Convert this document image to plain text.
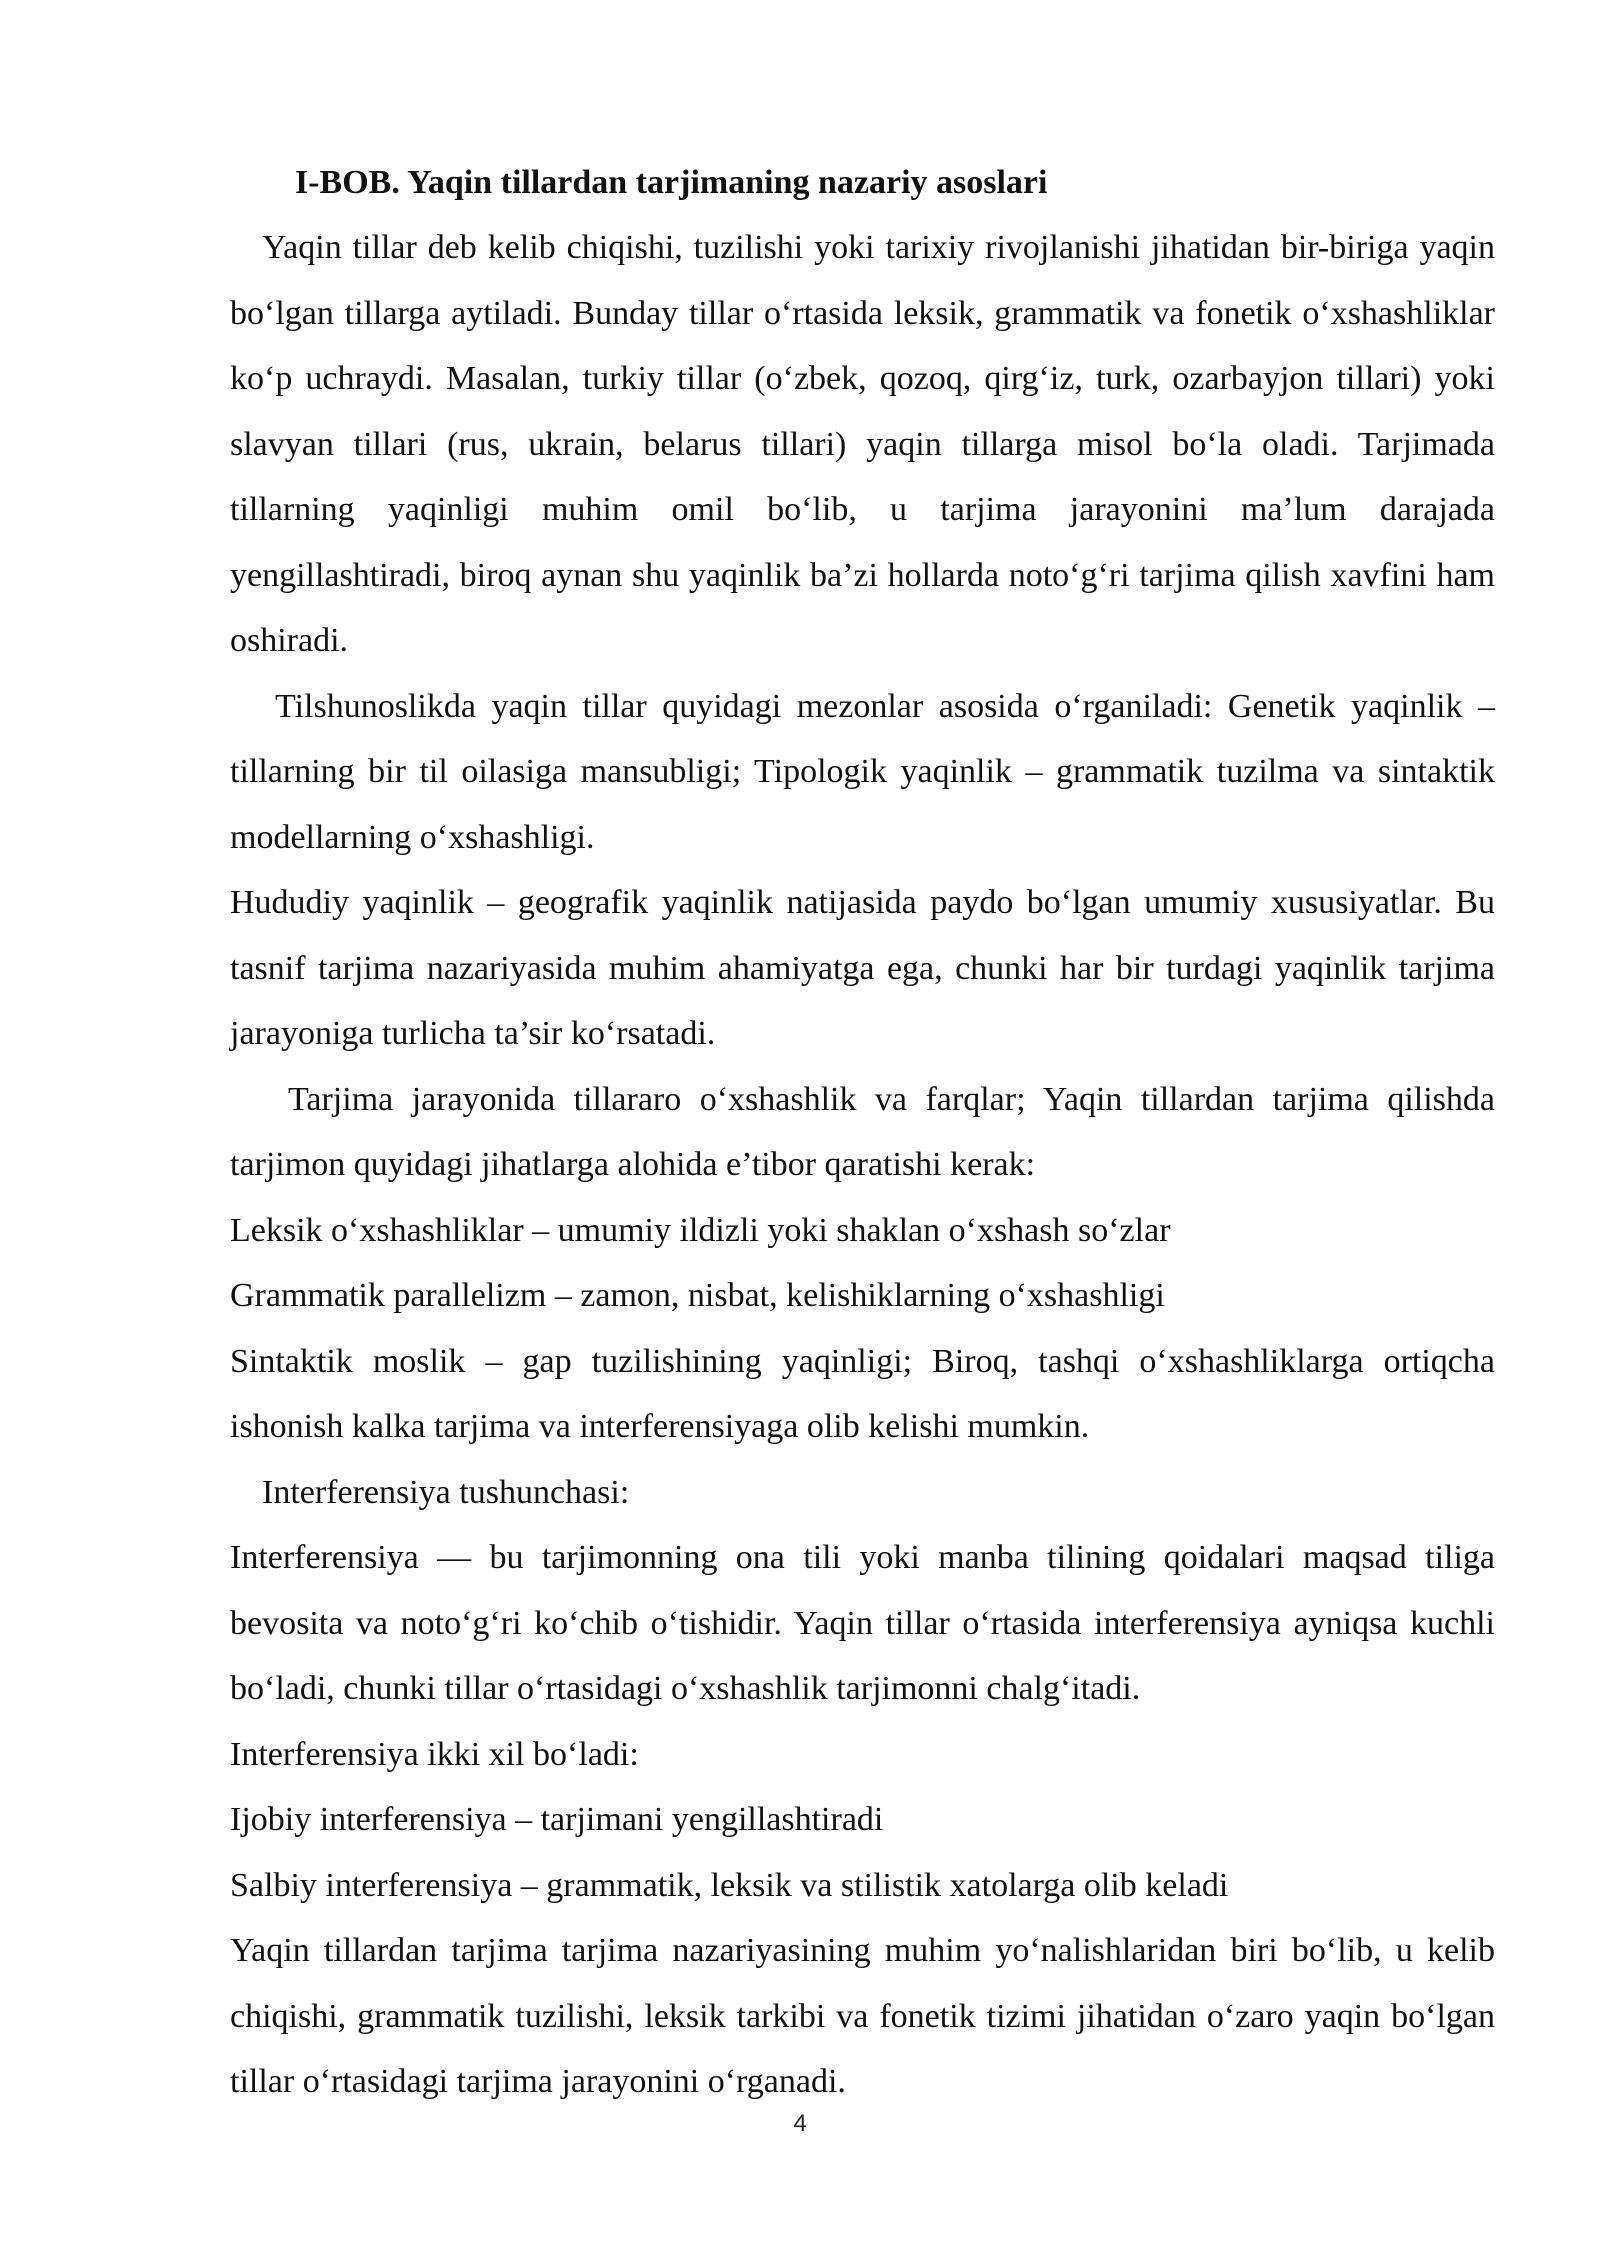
I-BOB. Yaqin tillardan tarjimaning nazariy asoslari

Yaqin tillar deb kelib chiqishi, tuzilishi yoki tarixiy rivojlanishi jihatidan bir-biriga yaqin bo‘lgan tillarga aytiladi. Bunday tillar o‘rtasida leksik, grammatik va fonetik o‘xshashliklar ko‘p uchraydi. Masalan, turkiy tillar (o‘zbek, qozoq, qirg‘iz, turk, ozarbayjon tillari) yoki slavyan tillari (rus, ukrain, belarus tillari) yaqin tillarga misol bo‘la oladi. Tarjimada tillarning yaqinligi muhim omil bo‘lib, u tarjima jarayonini ma’lum darajada yengillashtiradi, biroq aynan shu yaqinlik ba’zi hollarda noto‘g‘ri tarjima qilish xavfini ham oshiradi.

Tilshunoslikda yaqin tillar quyidagi mezonlar asosida o‘rganiladi: Genetik yaqinlik – tillarning bir til oilasiga mansubligi; Tipologik yaqinlik – grammatik tuzilma va sintaktik modellarning o‘xshashligi.

Hududiy yaqinlik – geografik yaqinlik natijasida paydo bo‘lgan umumiy xususiyatlar. Bu tasnif tarjima nazariyasida muhim ahamiyatga ega, chunki har bir turdagi yaqinlik tarjima jarayoniga turlicha ta’sir ko‘rsatadi.

Tarjima jarayonida tillararo o‘xshashlik va farqlar; Yaqin tillardan tarjima qilishda tarjimon quyidagi jihatlarga alohida e’tibor qaratishi kerak:

Leksik o‘xshashliklar – umumiy ildizli yoki shaklan o‘xshash so‘zlar

Grammatik parallelizm – zamon, nisbat, kelishiklarning o‘xshashligi

Sintaktik moslik – gap tuzilishining yaqinligi; Biroq, tashqi o‘xshashliklarga ortiqcha ishonish kalka tarjima va interferensiyaga olib kelishi mumkin.

Interferensiya tushunchasi:

Interferensiya — bu tarjimonning ona tili yoki manba tilining qoidalari maqsad tiliga bevosita va noto‘g‘ri ko‘chib o‘tishidir. Yaqin tillar o‘rtasida interferensiya ayniqsa kuchli bo‘ladi, chunki tillar o‘rtasidagi o‘xshashlik tarjimonni chalg‘itadi.

Interferensiya ikki xil bo‘ladi:

Ijobiy interferensiya – tarjimani yengillashtiradi

Salbiy interferensiya – grammatik, leksik va stilistik xatolarga olib keladi

Yaqin tillardan tarjima tarjima nazariyasining muhim yo‘nalishlaridan biri bo‘lib, u kelib chiqishi, grammatik tuzilishi, leksik tarkibi va fonetik tizimi jihatidan o‘zaro yaqin bo‘lgan tillar o‘rtasidagi tarjima jarayonini o‘rganadi.

4
